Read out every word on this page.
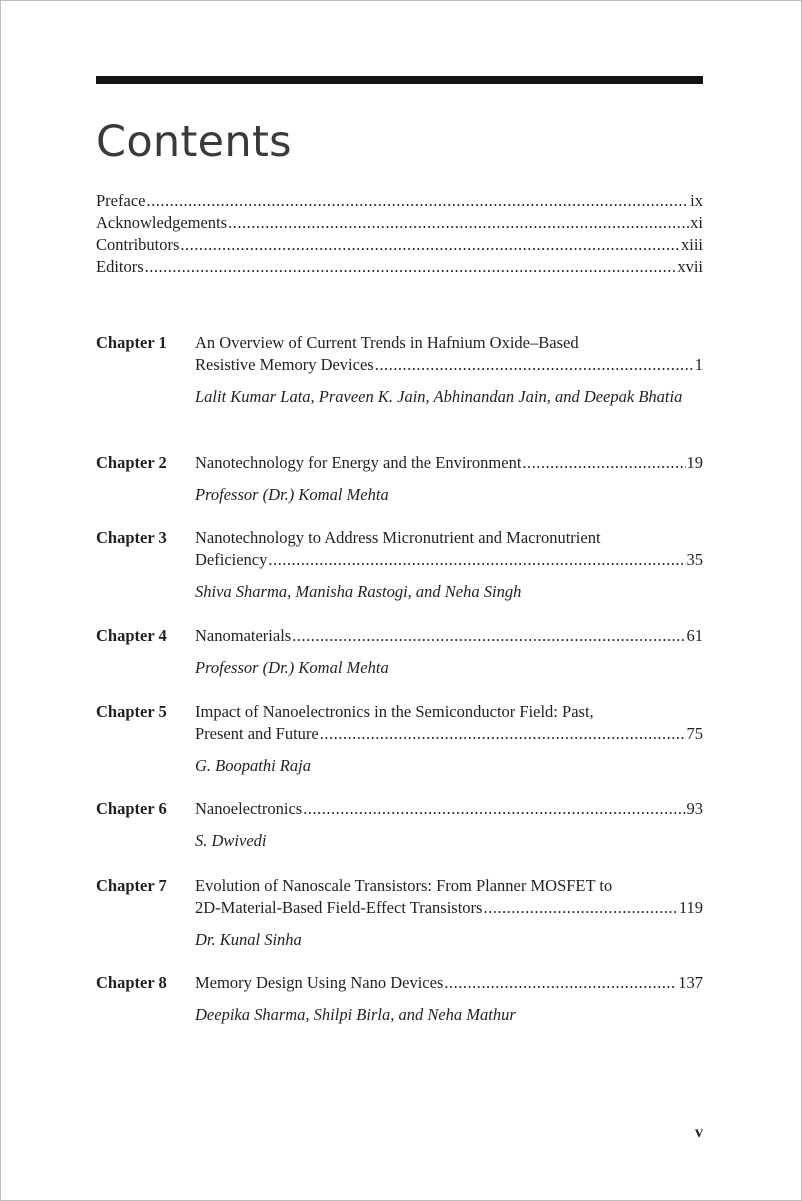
Contents
Preface .....	ix
Acknowledgements .....	xi
Contributors .....	xiii
Editors .....	xvii
Chapter 1 An Overview of Current Trends in Hafnium Oxide–Based
Resistive Memory Devices .....	1
Lalit Kumar Lata, Praveen K. Jain, Abhinandan Jain, and Deepak Bhatia
Chapter 2 Nanotechnology for Energy and the Environment .....	19
Professor (Dr.) Komal Mehta
Chapter 3 Nanotechnology to Address Micronutrient and Macronutrient
Deficiency .....	35
Shiva Sharma, Manisha Rastogi, and Neha Singh
Chapter 4 Nanomaterials .....	61
Professor (Dr.) Komal Mehta
Chapter 5 Impact of Nanoelectronics in the Semiconductor Field: Past,
Present and Future .....	75
G. Boopathi Raja
Chapter 6 Nanoelectronics .....	93
S. Dwivedi
Chapter 7 Evolution of Nanoscale Transistors: From Planner MOSFET to
2D-Material-Based Field-Effect Transistors .....	119
Dr. Kunal Sinha
Chapter 8 Memory Design Using Nano Devices .....	137
Deepika Sharma, Shilpi Birla, and Neha Mathur
v
